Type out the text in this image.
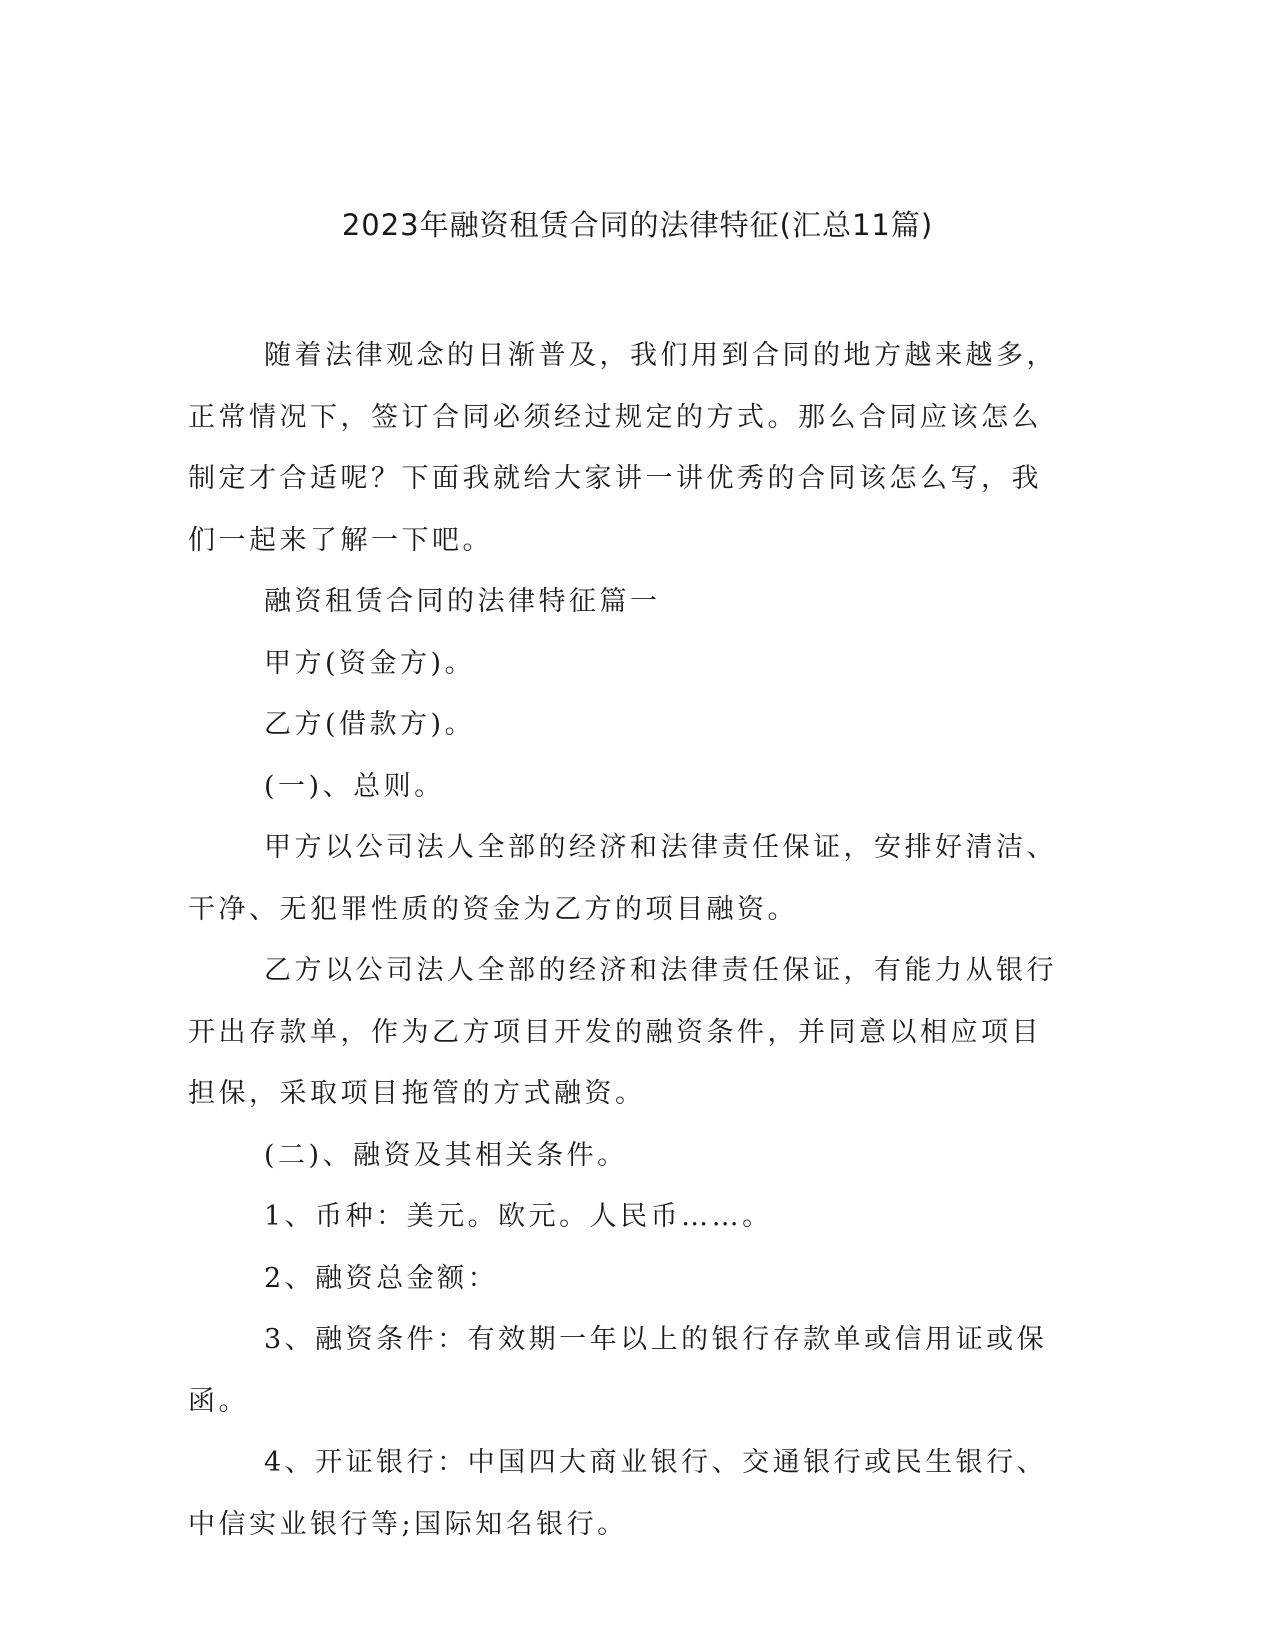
2023年融资租赁合同的法律特征(汇总11篇)

随着法律观念的日渐普及，我们用到合同的地方越来越多，正常情况下，签订合同必须经过规定的方式。那么合同应该怎么制定才合适呢？下面我就给大家讲一讲优秀的合同该怎么写，我们一起来了解一下吧。

融资租赁合同的法律特征篇一

甲方(资金方)。

乙方(借款方)。

(一)、总则。

甲方以公司法人全部的经济和法律责任保证，安排好清洁、干净、无犯罪性质的资金为乙方的项目融资。

乙方以公司法人全部的经济和法律责任保证，有能力从银行开出存款单，作为乙方项目开发的融资条件，并同意以相应项目担保，采取项目拖管的方式融资。

(二)、融资及其相关条件。

1、币种：美元。欧元。人民币……。

2、融资总金额：

3、融资条件：有效期一年以上的银行存款单或信用证或保函。

4、开证银行：中国四大商业银行、交通银行或民生银行、中信实业银行等;国际知名银行。
